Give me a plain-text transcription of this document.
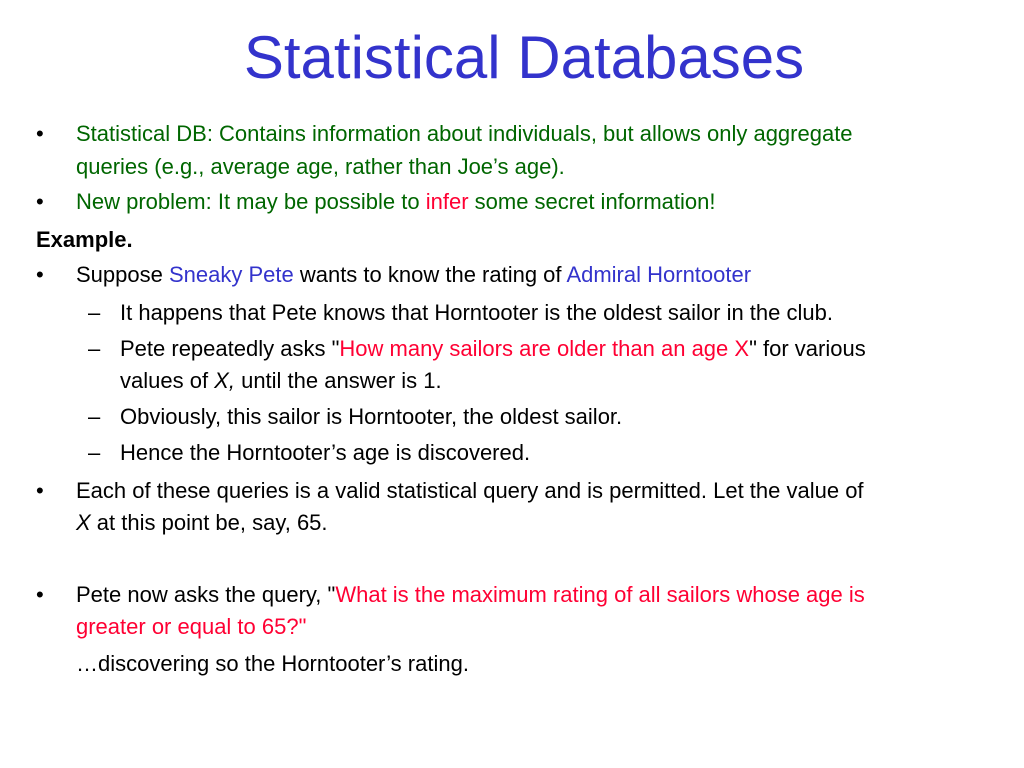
Statistical Databases
• Statistical DB: Contains information about individuals, but allows only aggregate
queries (e.g., average age, rather than Joe’s age).
• New problem: It may be possible to infer some secret information!
Example.
• Suppose Sneaky Pete wants to know the rating of Admiral Horntooter
– It happens that Pete knows that Horntooter is the oldest sailor in the club.
– Pete repeatedly asks "How many sailors are older than an age X" for various
values of X, until the answer is 1.
– Obviously, this sailor is Horntooter, the oldest sailor.
– Hence the Horntooter’s age is discovered.
• Each of these queries is a valid statistical query and is permitted. Let the value of
X at this point be, say, 65.
• Pete now asks the query, "What is the maximum rating of all sailors whose age is
greater or equal to 65?"
…discovering so the Horntooter’s rating.
